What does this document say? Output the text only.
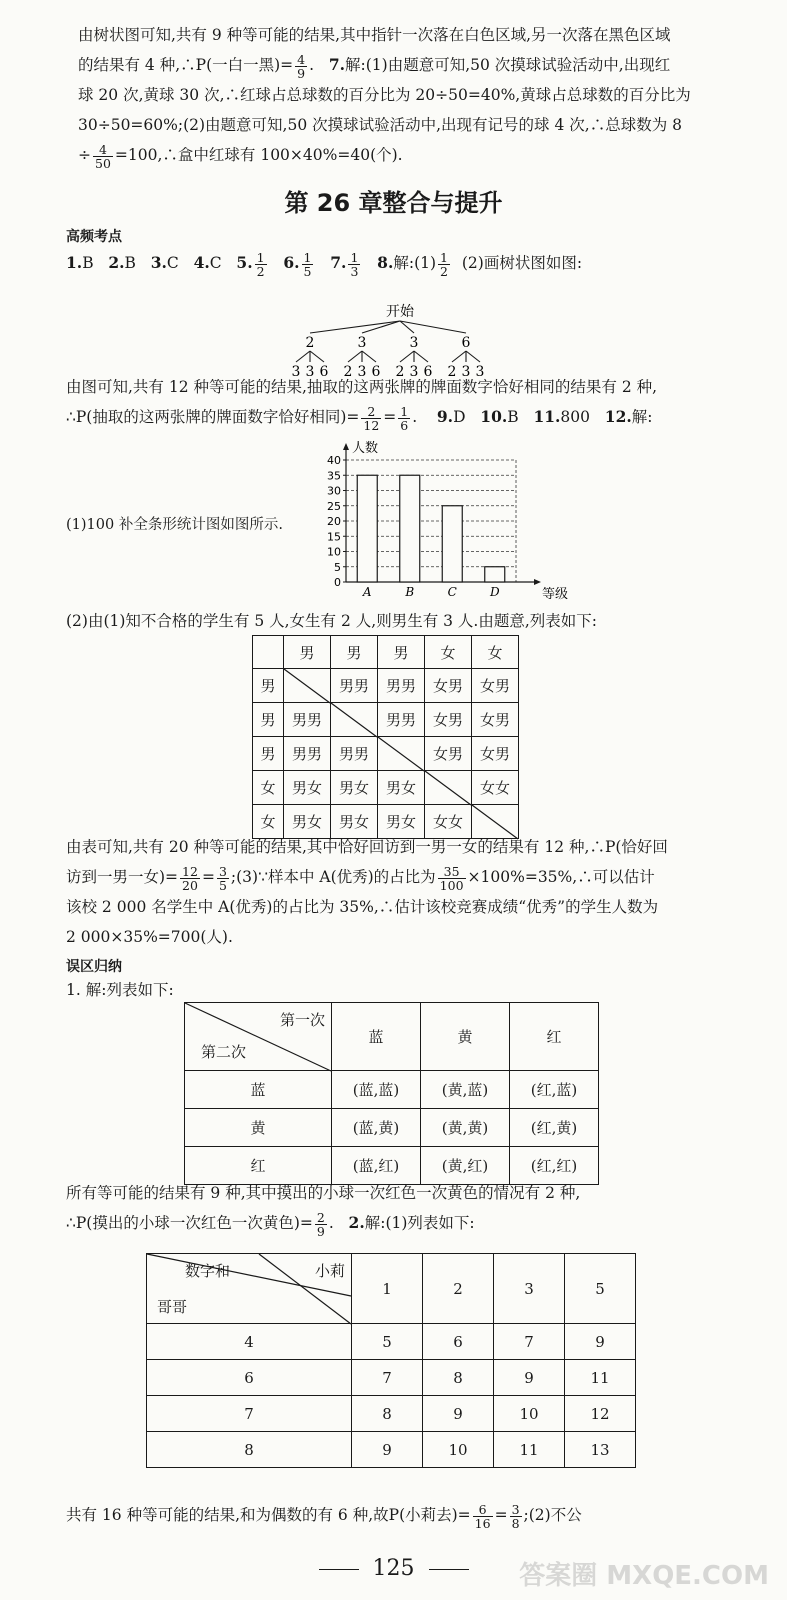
由树状图可知,共有 9 种等可能的结果,其中指针一次落在白色区域,另一次落在黑色区域
的结果有 4 种,∴P(一白一黑)= $\frac{4}{9}$ . 7.解:(1)由题意可知,50 次摸球试验活动中,出现红
球 20 次,黄球 30 次,∴红球占总球数的百分比为 20÷50=40%,黄球占总球数的百分比为
30÷50=60%;(2)由题意可知,50 次摸球试验活动中,出现有记号的球 4 次,∴总球数为 8
÷ $\frac{4}{50}$ =100,∴盒中红球有 100×40%=40(个).

第 26 章整合与提升

高频考点

1.B 2.B 3.C 4.C 5. $\frac{1}{2} 6$. $\frac{1}{5} 7$. $\frac{1}{3} 8$.解:(1) $\frac{1}{2} (2)$画树状图如图:

开始
2
3 3 6
3
2 3 6
3
2 3 6
6
2 3 3

由图可知,共有 12 种等可能的结果,抽取的这两张牌的牌面数字恰好相同的结果有 2 种,
∴P(抽取的这两张牌的牌面数字恰好相同)= $\frac{2}{12} = \frac{1}{6}$ . 9.D 10.B 11.800 12.解:

(1)100 补全条形统计图如图所示.

0
5
10
15
20
25
30
35
40
人数
等级
A	B	C	D

(2)由(1)知不合格的学生有 5 人,女生有 2 人,则男生有 3 人.由题意,列表如下:

	男	男	男	女	女
男		男男	男男	女男	女男
男	男男		男男	女男	女男
男	男男	男男		女男	女男
女	男女	男女	男女		女女
女	男女	男女	男女	女女	

由表可知,共有 20 种等可能的结果,其中恰好回访到一男一女的结果有 12 种,∴P(恰好回
访到一男一女)= $\frac{12}{20} = \frac{3}{5}$ ;(3)∵样本中 A(优秀)的占比为 $\frac{35}{100}$ ×100%=35%,∴可以估计
该校 2 000 名学生中 A(优秀)的占比为 35%,∴估计该校竞赛成绩“优秀”的学生人数为
2 000×35%=700(人).

误区归纳

1. 解:列表如下:

第一次
第二次	蓝	黄	红
蓝	(蓝,蓝)	(黄,蓝)	(红,蓝)
黄	(蓝,黄)	(黄,黄)	(红,黄)
红	(蓝,红)	(黄,红)	(红,红)

所有等可能的结果有 9 种,其中摸出的小球一次红色一次黄色的情况有 2 种,
∴P(摸出的小球一次红色一次黄色)= $\frac{2}{9}$ . 2.解:(1)列表如下:

数字和 小莉
哥哥	1	2	3	5
4	5	6	7	9
6	7	8	9	11
7	8	9	10	12
8	9	10	11	13

共有 16 种等可能的结果,和为偶数的有 6 种,故P(小莉去)= $\frac{6}{16} = \frac{3}{8}$ ;(2)不公

125	答案圈 MXQE.COM
